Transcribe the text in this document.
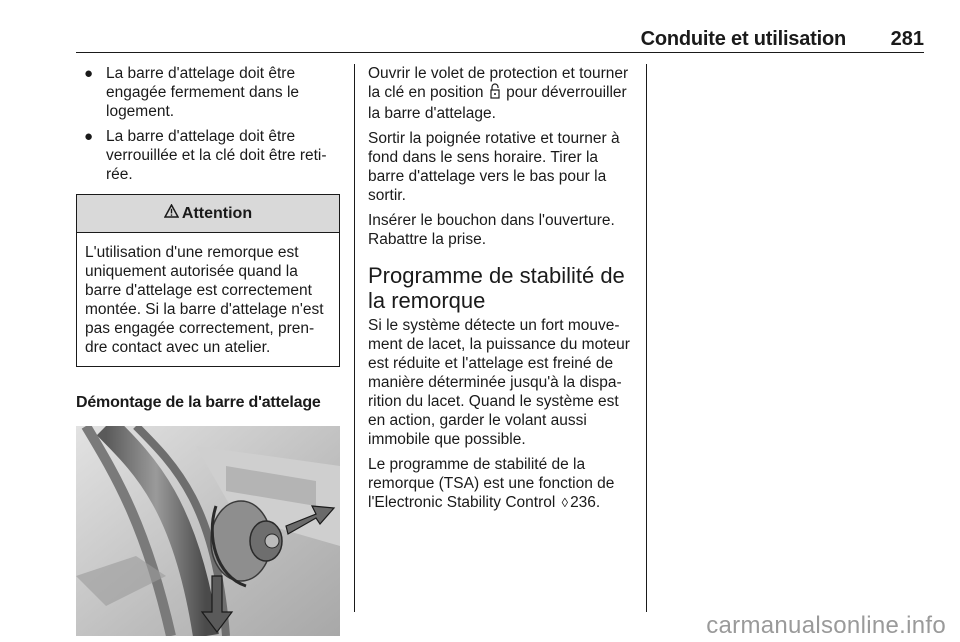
Conduite et utilisation 281
● La barre d'attelage doit être engagée fermement dans le logement.
● La barre d'attelage doit être verrouillée et la clé doit être retirée.
Attention
L'utilisation d'une remorque est uniquement autorisée quand la barre d'attelage est correctement montée. Si la barre d'attelage n'est pas engagée correctement, prendre contact avec un atelier.
Démontage de la barre d'attelage

Ouvrir le volet de protection et tourner la clé en position pour déverrouiller la barre d'attelage.

Sortir la poignée rotative et tourner à fond dans le sens horaire. Tirer la barre d'attelage vers le bas pour la sortir.

Insérer le bouchon dans l'ouverture. Rabattre la prise.

Programme de stabilité de la remorque

Si le système détecte un fort mouvement de lacet, la puissance du moteur est réduite et l'attelage est freiné de manière déterminée jusqu'à la disparition du lacet. Quand le système est en action, garder le volant aussi immobile que possible.

Le programme de stabilité de la remorque (TSA) est une fonction de l'Electronic Stability Control ◊ 236.

carmanualsonline.info
